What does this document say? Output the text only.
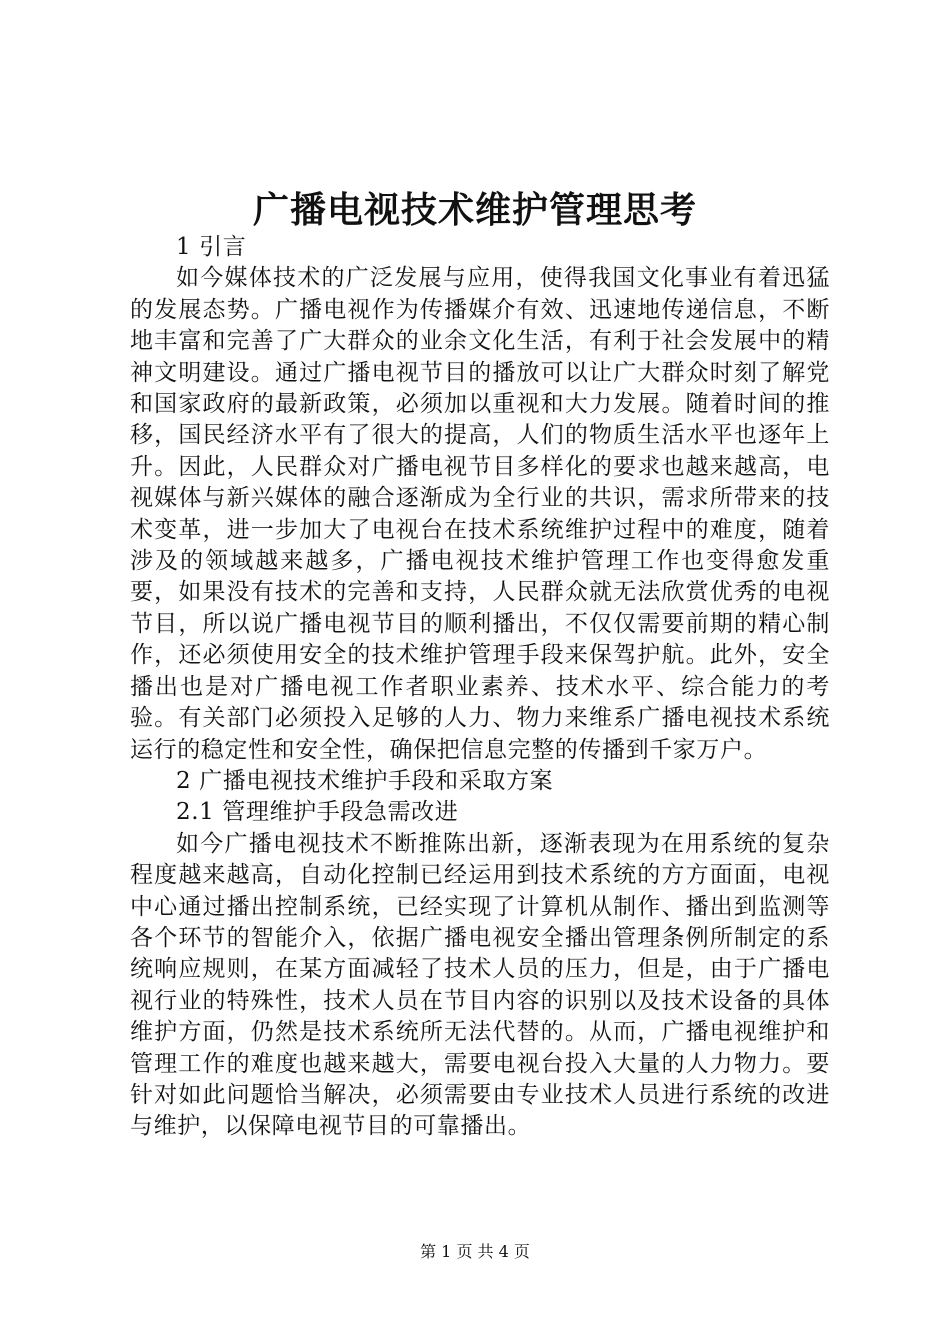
广播电视技术维护管理思考
1 引言

如今媒体技术的广泛发展与应用，使得我国文化事业有着迅猛的发展态势。广播电视作为传播媒介有效、迅速地传递信息，不断地丰富和完善了广大群众的业余文化生活，有利于社会发展中的精神文明建设。通过广播电视节目的播放可以让广大群众时刻了解党和国家政府的最新政策，必须加以重视和大力发展。随着时间的推移，国民经济水平有了很大的提高，人们的物质生活水平也逐年上升。因此，人民群众对广播电视节目多样化的要求也越来越高，电视媒体与新兴媒体的融合逐渐成为全行业的共识，需求所带来的技术变革，进一步加大了电视台在技术系统维护过程中的难度，随着涉及的领域越来越多，广播电视技术维护管理工作也变得愈发重要，如果没有技术的完善和支持，人民群众就无法欣赏优秀的电视节目，所以说广播电视节目的顺利播出，不仅仅需要前期的精心制作，还必须使用安全的技术维护管理手段来保驾护航。此外，安全播出也是对广播电视工作者职业素养、技术水平、综合能力的考验。有关部门必须投入足够的人力、物力来维系广播电视技术系统运行的稳定性和安全性，确保把信息完整的传播到千家万户。

2 广播电视技术维护手段和采取方案
2.1 管理维护手段急需改进

如今广播电视技术不断推陈出新，逐渐表现为在用系统的复杂程度越来越高，自动化控制已经运用到技术系统的方方面面，电视中心通过播出控制系统，已经实现了计算机从制作、播出到监测等各个环节的智能介入，依据广播电视安全播出管理条例所制定的系统响应规则，在某方面减轻了技术人员的压力，但是，由于广播电视行业的特殊性，技术人员在节目内容的识别以及技术设备的具体维护方面，仍然是技术系统所无法代替的。从而，广播电视维护和管理工作的难度也越来越大，需要电视台投入大量的人力物力。要针对如此问题恰当解决，必须需要由专业技术人员进行系统的改进与维护，以保障电视节目的可靠播出。

第 1 页 共 4 页
